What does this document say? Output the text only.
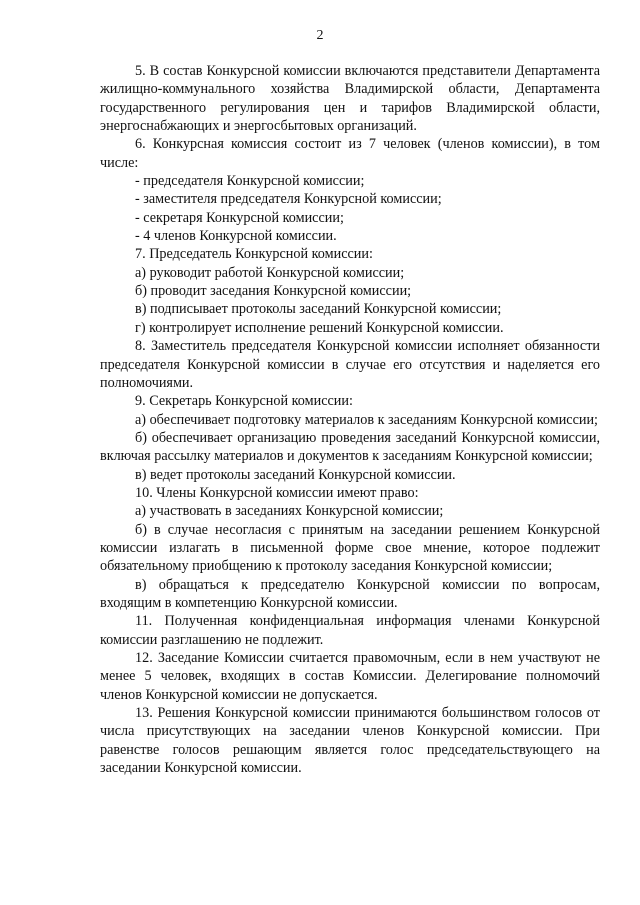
2

5. В состав Конкурсной комиссии включаются представители Департамента жилищно-коммунального хозяйства Владимирской области, Департамента государственного регулирования цен и тарифов Владимирской области, энергоснабжающих и энергосбытовых организаций.

6. Конкурсная комиссия состоит из 7 человек (членов комиссии), в том числе:

- председателя Конкурсной комиссии;

- заместителя председателя Конкурсной комиссии;

- секретаря Конкурсной комиссии;

- 4 членов Конкурсной комиссии.

7. Председатель Конкурсной комиссии:

а) руководит работой Конкурсной комиссии;

б) проводит заседания Конкурсной комиссии;

в) подписывает протоколы заседаний Конкурсной комиссии;

г) контролирует исполнение решений Конкурсной комиссии.

8. Заместитель председателя Конкурсной комиссии исполняет обязанности председателя Конкурсной комиссии в случае его отсутствия и наделяется его полномочиями.

9. Секретарь Конкурсной комиссии:

а) обеспечивает подготовку материалов к заседаниям Конкурсной комиссии;

б) обеспечивает организацию проведения заседаний Конкурсной комиссии, включая рассылку материалов и документов к заседаниям Конкурсной комиссии;

в) ведет протоколы заседаний Конкурсной комиссии.

10. Члены Конкурсной комиссии имеют право:

а) участвовать в заседаниях Конкурсной комиссии;

б) в случае несогласия с принятым на заседании решением Конкурсной комиссии излагать в письменной форме свое мнение, которое подлежит обязательному приобщению к протоколу заседания Конкурсной комиссии;

в) обращаться к председателю Конкурсной комиссии по вопросам, входящим в компетенцию Конкурсной комиссии.

11. Полученная конфиденциальная информация членами Конкурсной комиссии разглашению не подлежит.

12. Заседание Комиссии считается правомочным, если в нем участвуют не менее 5 человек, входящих в состав Комиссии. Делегирование полномочий членов Конкурсной комиссии не допускается.

13. Решения Конкурсной комиссии принимаются большинством голосов от числа присутствующих на заседании членов Конкурсной комиссии. При равенстве голосов решающим является голос председательствующего на заседании Конкурсной комиссии.
